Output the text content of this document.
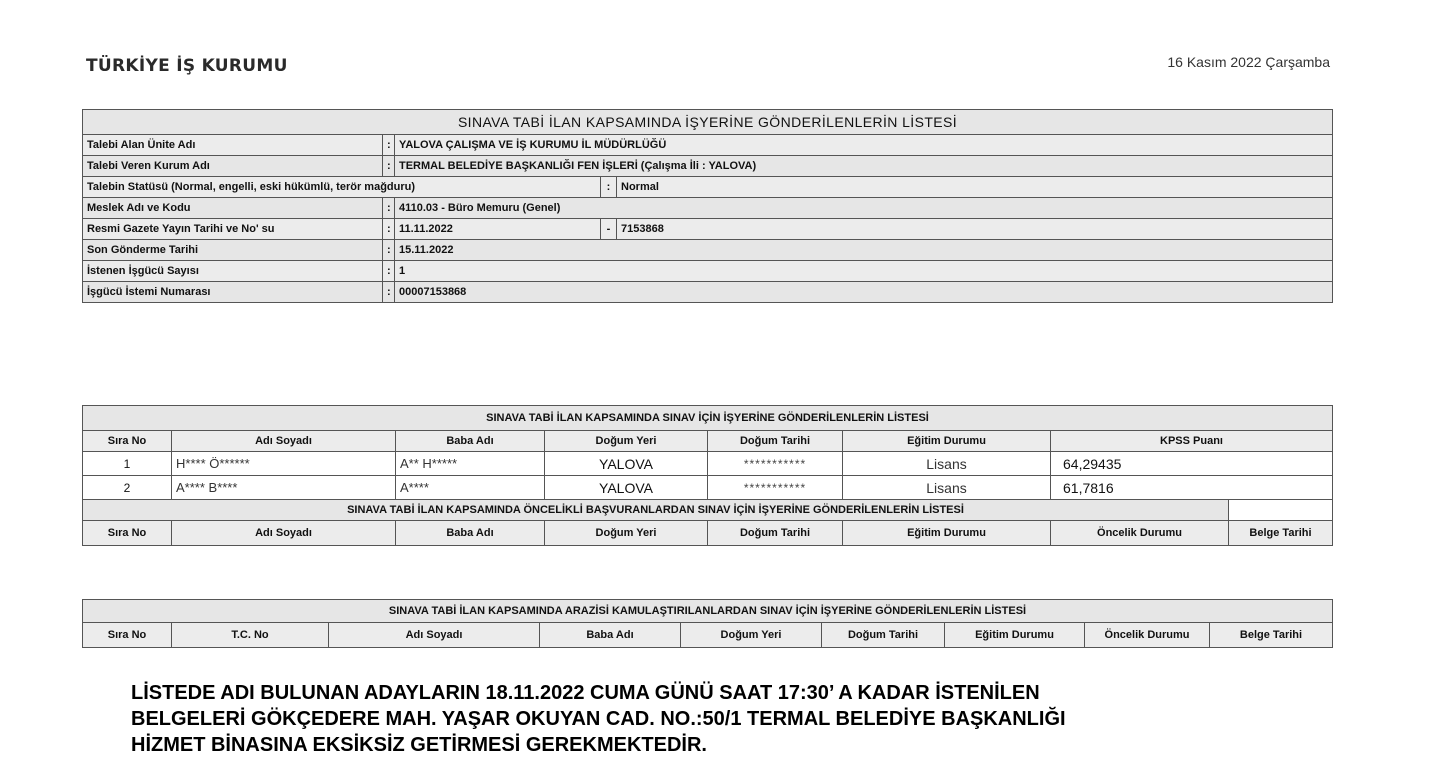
TÜRKİYE İŞ KURUMU	16 Kasım 2022 Çarşamba
SINAVA TABİ İLAN KAPSAMINDA İŞYERİNE GÖNDERİLENLERİN LİSTESİ				
Talebi Alan Ünite Adı	:	YALOVA ÇALIŞMA VE İŞ KURUMU İL MÜDÜRLÜĞÜ		
Talebi Veren Kurum Adı	:	TERMAL BELEDİYE BAŞKANLIĞI FEN İŞLERİ (Çalışma İli : YALOVA)		
Talebin Statüsü (Normal, engelli, eski hükümlü, terör mağduru)			:	Normal
Meslek Adı ve Kodu	:	4110.03 - Büro Memuru (Genel)		
Resmi Gazete Yayın Tarihi ve No' su	:	11.11.2022	-	7153868
Son Gönderme Tarihi	:	15.11.2022		
İstenen İşgücü Sayısı	:	1		
İşgücü İstemi Numarası	:	00007153868		
SINAVA TABİ İLAN KAPSAMINDA SINAV İÇİN İŞYERİNE GÖNDERİLENLERİN LİSTESİ							
Sıra No	Adı Soyadı	Baba Adı	Doğum Yeri	Doğum Tarihi	Eğitim Durumu	KPSS Puanı	
1	H**** Ö******	A** H*****	YALOVA	***********	Lisans	64,29435	
2	A**** B****	A****	YALOVA	***********	Lisans	61,7816	
SINAVA TABİ İLAN KAPSAMINDA ÖNCELİKLİ BAŞVURANLARDAN SINAV İÇİN İŞYERİNE GÖNDERİLENLERİN LİSTESİ							
Sıra No	Adı Soyadı	Baba Adı	Doğum Yeri	Doğum Tarihi	Eğitim Durumu	Öncelik Durumu	Belge Tarihi
SINAVA TABİ İLAN KAPSAMINDA ARAZİSİ KAMULAŞTIRILANLARDAN SINAV İÇİN İŞYERİNE GÖNDERİLENLERİN LİSTESİ
Sıra No	T.C. No	Adı Soyadı	Baba Adı	Doğum Yeri	Doğum Tarihi	Eğitim Durumu	Öncelik Durumu	Belge Tarihi
LİSTEDE ADI BULUNAN ADAYLARIN 18.11.2022 CUMA GÜNÜ SAAT 17:30’ A KADAR İSTENİLEN
BELGELERİ GÖKÇEDERE MAH. YAŞAR OKUYAN CAD. NO.:50/1 TERMAL BELEDİYE BAŞKANLIĞI
HİZMET BİNASINA EKSİKSİZ GETİRMESİ GEREKMEKTEDİR.
